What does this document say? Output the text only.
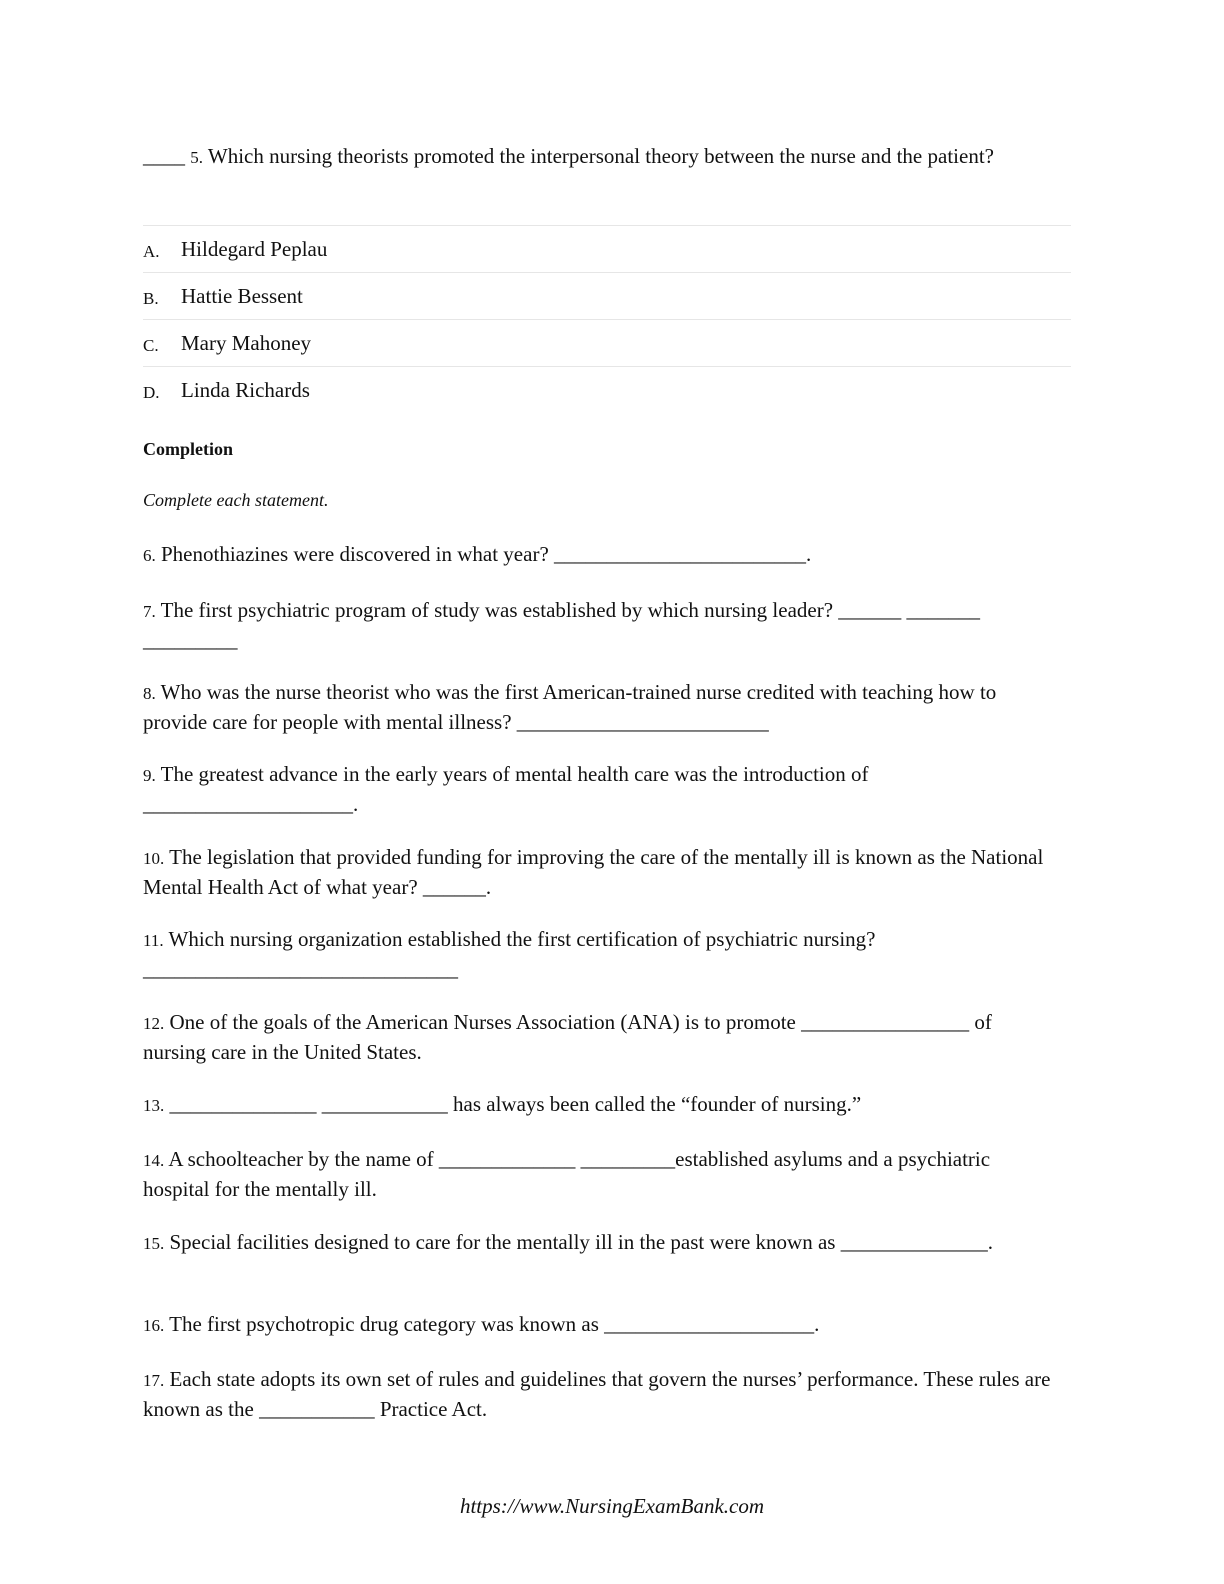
____ 5. Which nursing theorists promoted the interpersonal theory between the nurse and the patient?
A.	Hildegard Peplau
B.	Hattie Bessent
C.	Mary Mahoney
D.	Linda Richards
Completion
Complete each statement.
6. Phenothiazines were discovered in what year? ________________________.
7. The first psychiatric program of study was established by which nursing leader? ______ _______ _________
8. Who was the nurse theorist who was the first American-trained nurse credited with teaching how to provide care for people with mental illness? ________________________
9. The greatest advance in the early years of mental health care was the introduction of ____________________.
10. The legislation that provided funding for improving the care of the mentally ill is known as the National Mental Health Act of what year? ______.
11. Which nursing organization established the first certification of psychiatric nursing? ______________________________
12. One of the goals of the American Nurses Association (ANA) is to promote ________________ of nursing care in the United States.
13. ______________ ____________ has always been called the “founder of nursing.”
14. A schoolteacher by the name of _____________ _________established asylums and a psychiatric hospital for the mentally ill.
15. Special facilities designed to care for the mentally ill in the past were known as ______________.
16. The first psychotropic drug category was known as ____________________.
17. Each state adopts its own set of rules and guidelines that govern the nurses’ performance. These rules are known as the ___________ Practice Act.
https://www.NursingExamBank.com
